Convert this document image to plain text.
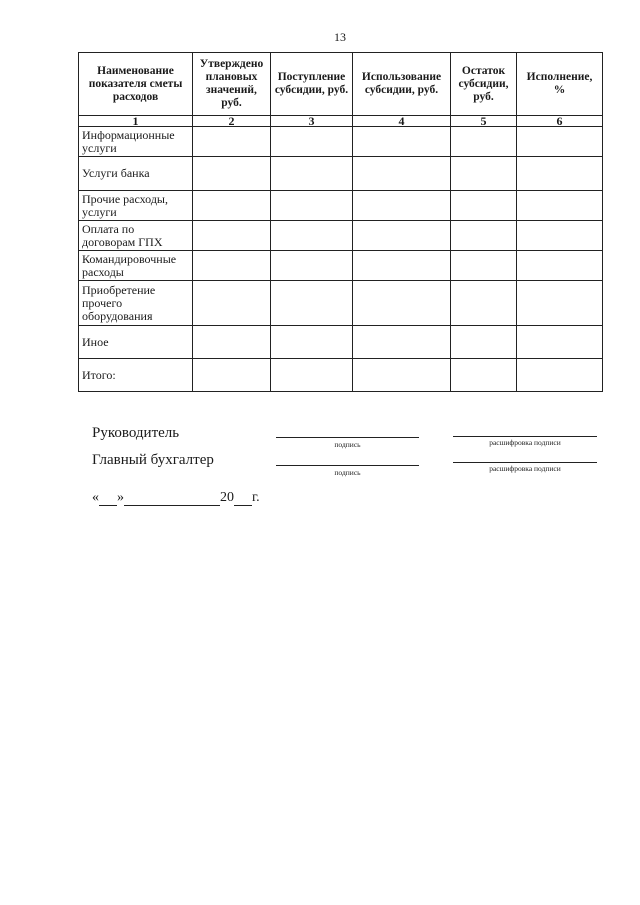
13
Наименование показателя сметы расходов	Утверждено плановых значений, руб.	Поступление субсидии, руб.	Использование субсидии, руб.	Остаток субсидии, руб.	Исполнение, %
1	2	3	4	5	6
Информационные услуги					
Услуги банка					
Прочие расходы, услуги					
Оплата по договорам ГПХ					
Командировочные расходы					
Приобретение прочего оборудования					
Иное					
Итого:					
Руководитель
подпись	расшифровка подписи
Главный бухгалтер
подпись	расшифровка подписи
« »	20 г.
